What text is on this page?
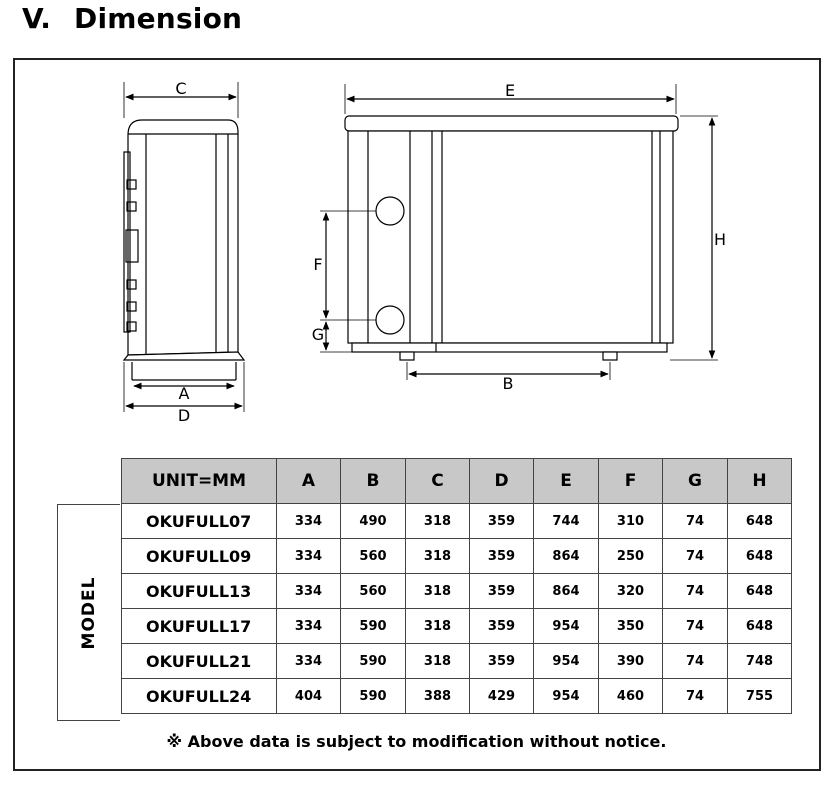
V. Dimension
C
A
D
E
H
F
G
B
MODEL
UNIT=MM	A	B	C	D	E	F	G	H
OKUFULL07	334	490	318	359	744	310	74	648
OKUFULL09	334	560	318	359	864	250	74	648
OKUFULL13	334	560	318	359	864	320	74	648
OKUFULL17	334	590	318	359	954	350	74	648
OKUFULL21	334	590	318	359	954	390	74	748
OKUFULL24	404	590	388	429	954	460	74	755
※ Above data is subject to modification without notice.
